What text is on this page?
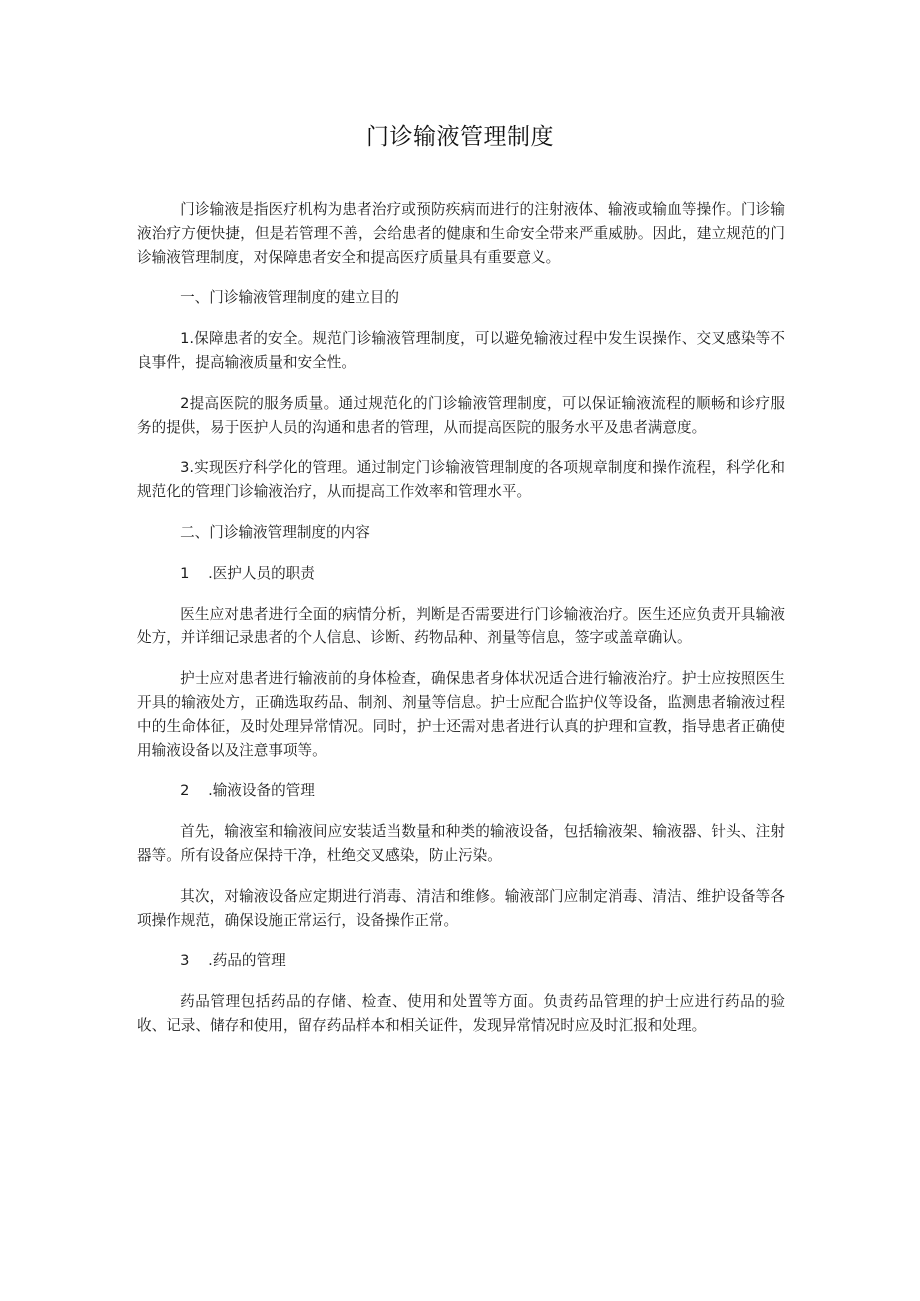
门诊输液管理制度

门诊输液是指医疗机构为患者治疗或预防疾病而进行的注射液体、输液或输血等操作。门诊输液治疗方便快捷，但是若管理不善，会给患者的健康和生命安全带来严重威胁。因此，建立规范的门诊输液管理制度，对保障患者安全和提高医疗质量具有重要意义。

一、门诊输液管理制度的建立目的

1.保障患者的安全。规范门诊输液管理制度，可以避免输液过程中发生误操作、交叉感染等不良事件，提高输液质量和安全性。

2提高医院的服务质量。通过规范化的门诊输液管理制度，可以保证输液流程的顺畅和诊疗服务的提供，易于医护人员的沟通和患者的管理，从而提高医院的服务水平及患者满意度。

3.实现医疗科学化的管理。通过制定门诊输液管理制度的各项规章制度和操作流程，科学化和规范化的管理门诊输液治疗，从而提高工作效率和管理水平。

二、门诊输液管理制度的内容

1 .医护人员的职责

医生应对患者进行全面的病情分析，判断是否需要进行门诊输液治疗。医生还应负责开具输液处方，并详细记录患者的个人信息、诊断、药物品种、剂量等信息，签字或盖章确认。

护士应对患者进行输液前的身体检查，确保患者身体状况适合进行输液治疗。护士应按照医生开具的输液处方，正确选取药品、制剂、剂量等信息。护士应配合监护仪等设备，监测患者输液过程中的生命体征，及时处理异常情况。同时，护士还需对患者进行认真的护理和宣教，指导患者正确使用输液设备以及注意事项等。

2 .输液设备的管理

首先，输液室和输液间应安装适当数量和种类的输液设备，包括输液架、输液器、针头、注射器等。所有设备应保持干净，杜绝交叉感染，防止污染。

其次，对输液设备应定期进行消毒、清洁和维修。输液部门应制定消毒、清洁、维护设备等各项操作规范，确保设施正常运行，设备操作正常。

3 .药品的管理

药品管理包括药品的存储、检查、使用和处置等方面。负责药品管理的护士应进行药品的验收、记录、储存和使用，留存药品样本和相关证件，发现异常情况时应及时汇报和处理。
